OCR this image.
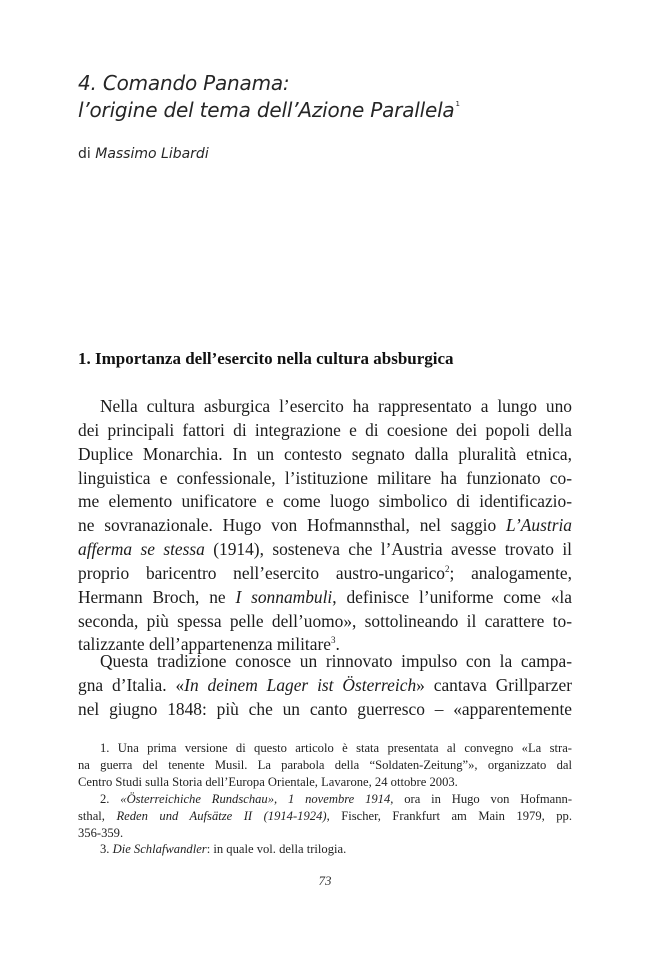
4. Comando Panama:
l’origine del tema dell’Azione Parallela$^1$
di Massimo Libardi
1. Importanza dell’esercito nella cultura absburgica
Nella cultura asburgica l’esercito ha rappresentato a lungo uno
dei principali fattori di integrazione e di coesione dei popoli della
Duplice Monarchia. In un contesto segnato dalla pluralità etnica,
linguistica e confessionale, l’istituzione militare ha funzionato co-
me elemento unificatore e come luogo simbolico di identificazio-
ne sovranazionale. Hugo von Hofmannsthal, nel saggio L’Austria
afferma se stessa (1914), sosteneva che l’Austria avesse trovato il
proprio baricentro nell’esercito austro-ungarico$^2$; analogamente,
Hermann Broch, ne I sonnambuli, definisce l’uniforme come «la
seconda, più spessa pelle dell’uomo», sottolineando il carattere to-
talizzante dell’appartenenza militare$^3$.
Questa tradizione conosce un rinnovato impulso con la campa-
gna d’Italia. «In deinem Lager ist Österreich» cantava Grillparzer
nel giugno 1848: più che un canto guerresco – «apparentemente
1. Una prima versione di questo articolo è stata presentata al convegno «La stra-
na guerra del tenente Musil. La parabola della “Soldaten-Zeitung”», organizzato dal
Centro Studi sulla Storia dell’Europa Orientale, Lavarone, 24 ottobre 2003.
2. «Österreichiche Rundschau», 1 novembre 1914, ora in Hugo von Hofmann-
sthal, Reden und Aufsätze II (1914-1924), Fischer, Frankfurt am Main 1979, pp.
356-359.
3. Die Schlafwandler: in quale vol. della trilogia.
73
